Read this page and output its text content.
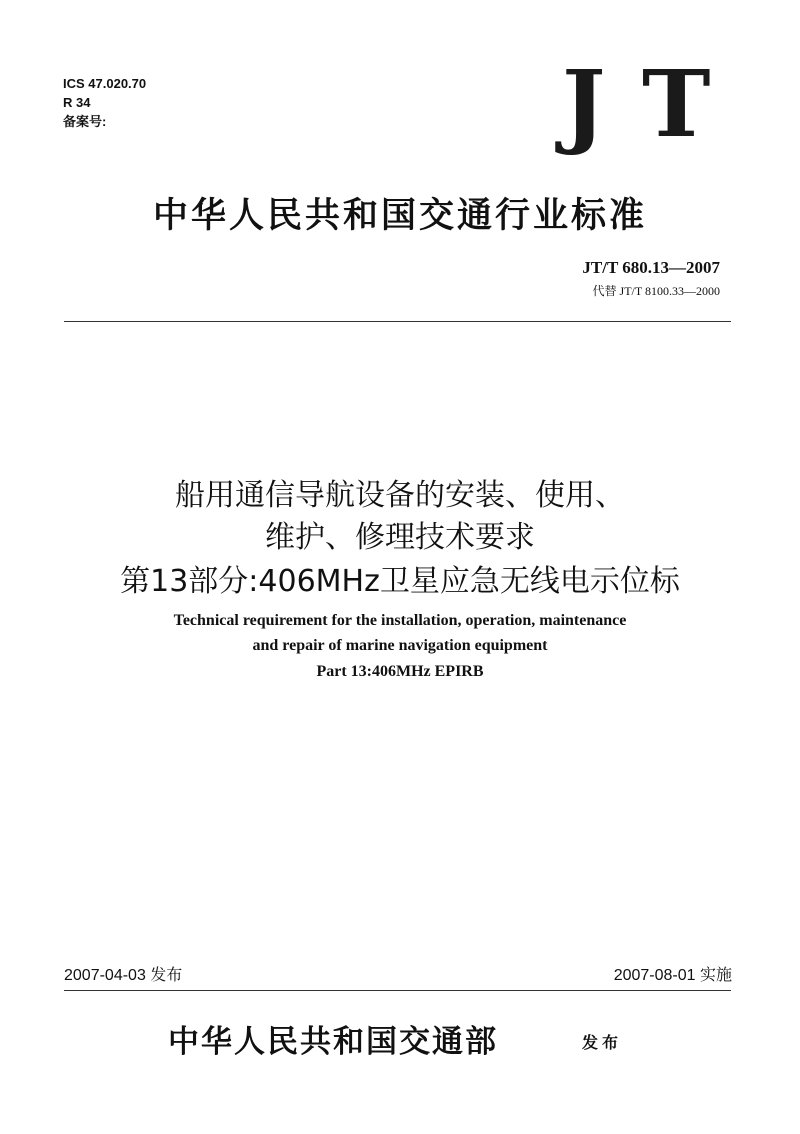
ICS 47.020.70
R 34
备案号:	J T
中华人民共和国交通行业标准
JT/T 680.13—2007
代替 JT/T 8100.33—2000
船用通信导航设备的安装、使用、
维护、修理技术要求
第13部分:406MHz卫星应急无线电示位标
Technical requirement for the installation, operation, maintenance
and repair of marine navigation equipment
Part 13:406MHz EPIRB
2007-04-03 发布	2007-08-01 实施
中华人民共和国交通部	发布
